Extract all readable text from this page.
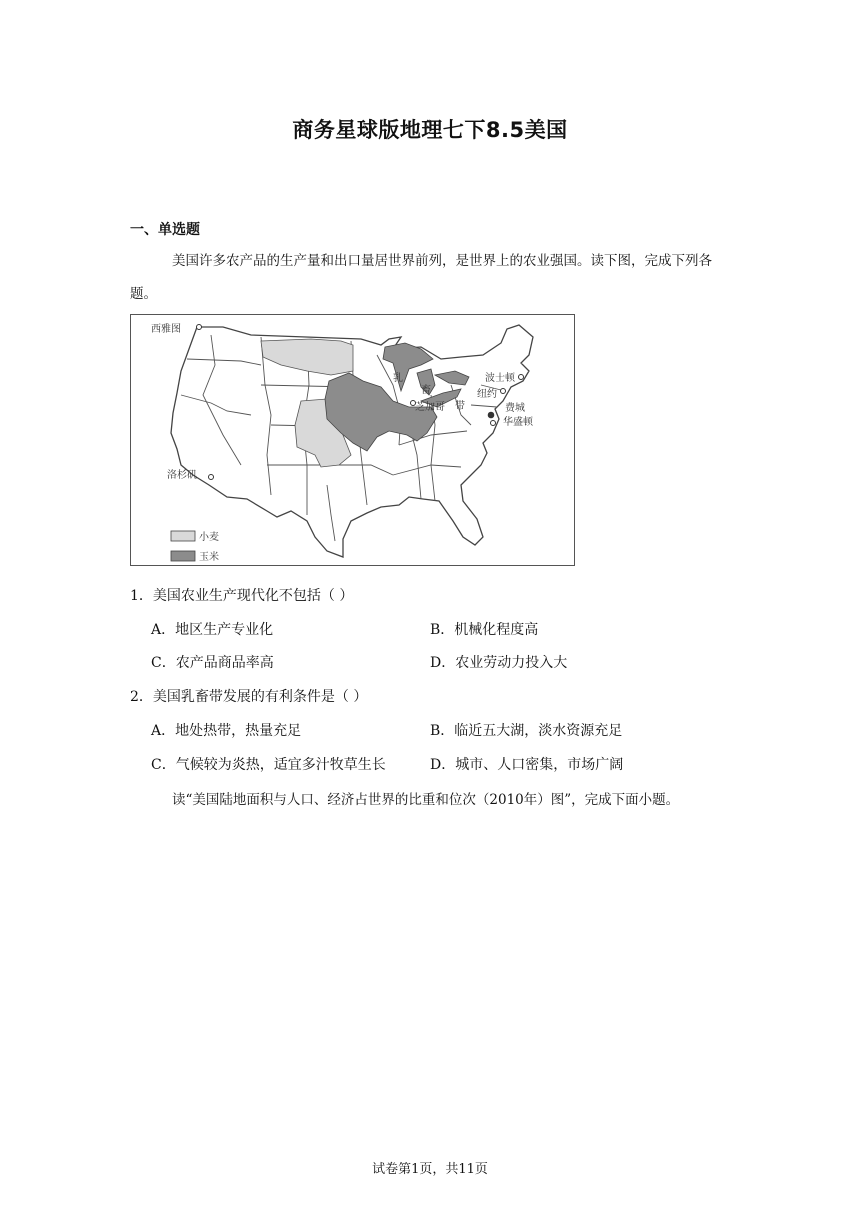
商务星球版地理七下8.5美国
一、单选题
美国许多农产品的生产量和出口量居世界前列，是世界上的农业强国。读下图，完成下列各题。
西雅图
洛杉矶
芝加哥
波士顿
纽约
费城
华盛顿
乳
畜
带
小麦
玉米
1．美国农业生产现代化不包括（ ）
A．地区生产专业化	B．机械化程度高
C．农产品商品率高	D．农业劳动力投入大
2．美国乳畜带发展的有利条件是（ ）
A．地处热带，热量充足	B．临近五大湖，淡水资源充足
C．气候较为炎热，适宜多汁牧草生长	D．城市、人口密集，市场广阔
读“美国陆地面积与人口、经济占世界的比重和位次（2010年）图”，完成下面小题。
试卷第1页，共11页
